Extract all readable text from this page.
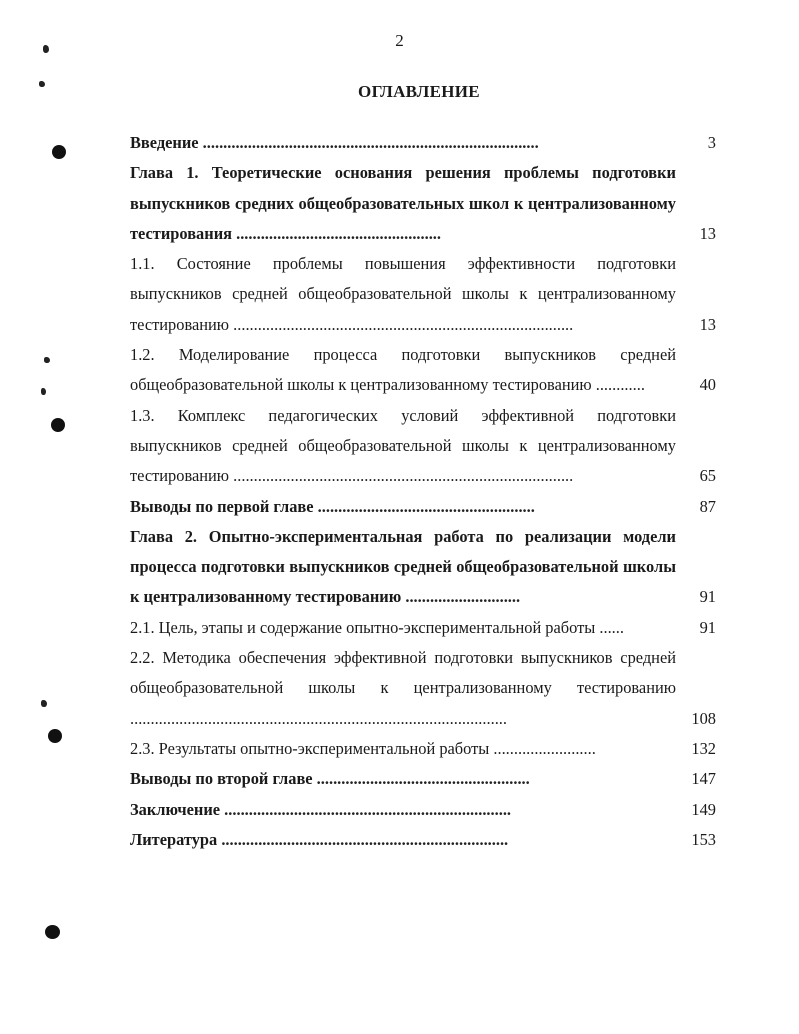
2
ОГЛАВЛЕНИЕ
Введение ..................................................................................	3
Глава 1. Теоретические основания решения проблемы подготовки выпускников средних общеобразовательных школ к централизованному тестирования ..................................................	13
1.1. Состояние проблемы повышения эффективности подготовки выпускников средней общеобразовательной школы к централизованному тестированию ...................................................................................	13
1.2. Моделирование процесса подготовки выпускников средней общеобразовательной школы к централизованному тестированию ............	40
1.3. Комплекс педагогических условий эффективной подготовки выпускников средней общеобразовательной школы к централизованному тестированию ...................................................................................	65
Выводы по первой главе .....................................................	87
Глава 2. Опытно-экспериментальная работа по реализации модели процесса подготовки выпускников средней общеобразовательной школы к централизованному тестированию ............................	91
2.1. Цель, этапы и содержание опытно-экспериментальной работы ......	91
2.2. Методика обеспечения эффективной подготовки выпускников средней общеобразовательной школы к централизованному тестированию ............................................................................................	108
2.3. Результаты опытно-экспериментальной работы .........................	132
Выводы по второй главе ....................................................	147
Заключение ......................................................................	149
Литература ......................................................................	153
